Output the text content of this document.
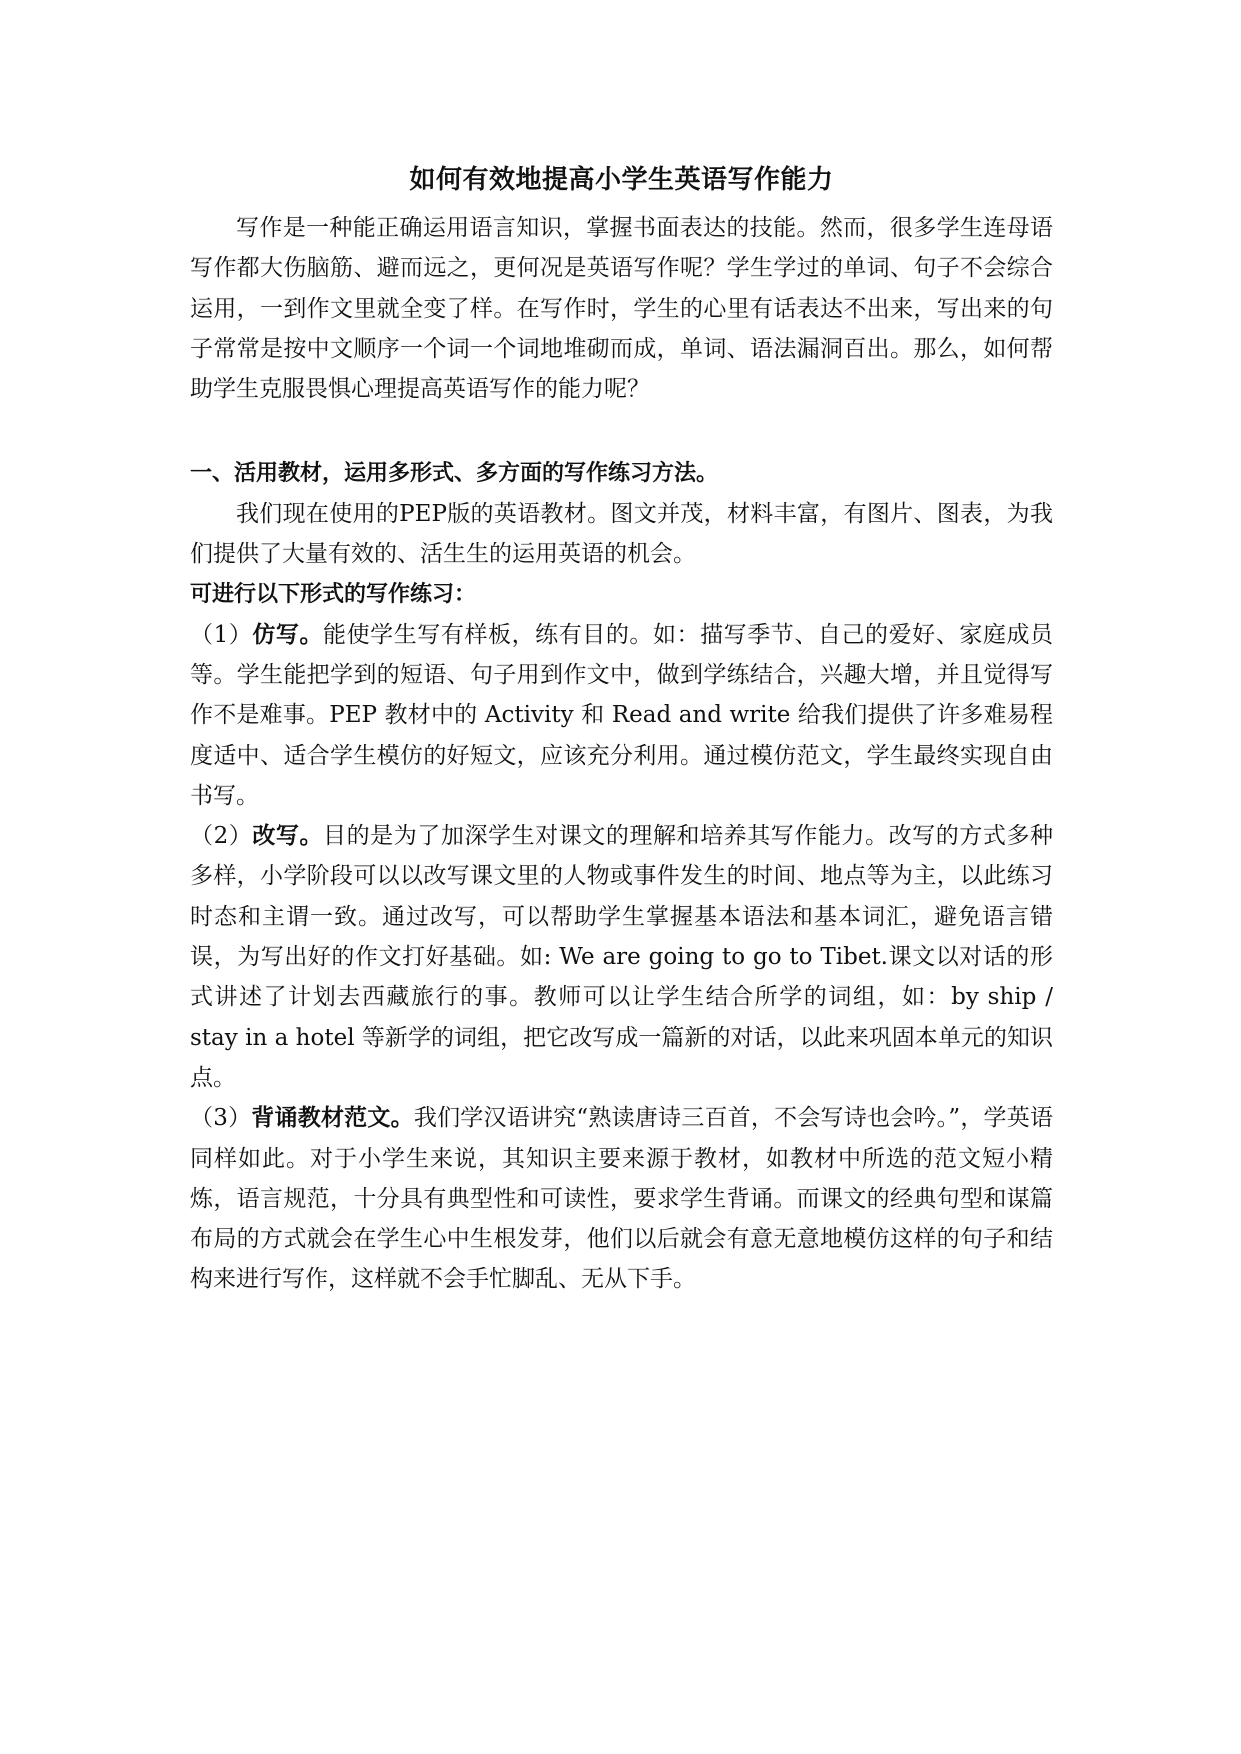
如何有效地提高小学生英语写作能力

写作是一种能正确运用语言知识，掌握书面表达的技能。然而，很多学生连母语写作都大伤脑筋、避而远之，更何况是英语写作呢？学生学过的单词、句子不会综合运用，一到作文里就全变了样。在写作时，学生的心里有话表达不出来，写出来的句子常常是按中文顺序一个词一个词地堆砌而成，单词、语法漏洞百出。那么，如何帮助学生克服畏惧心理提高英语写作的能力呢？

一、活用教材，运用多形式、多方面的写作练习方法。

我们现在使用的PEP版的英语教材。图文并茂，材料丰富，有图片、图表，为我们提供了大量有效的、活生生的运用英语的机会。

可进行以下形式的写作练习：

（1）仿写。能使学生写有样板，练有目的。如：描写季节、自己的爱好、家庭成员等。学生能把学到的短语、句子用到作文中，做到学练结合，兴趣大增，并且觉得写作不是难事。PEP 教材中的 Activity 和 Read and write 给我们提供了许多难易程度适中、适合学生模仿的好短文，应该充分利用。通过模仿范文，学生最终实现自由书写。

（2）改写。目的是为了加深学生对课文的理解和培养其写作能力。改写的方式多种多样，小学阶段可以以改写课文里的人物或事件发生的时间、地点等为主，以此练习时态和主谓一致。通过改写，可以帮助学生掌握基本语法和基本词汇，避免语言错误，为写出好的作文打好基础。如: We are going to go to Tibet.课文以对话的形式讲述了计划去西藏旅行的事。教师可以让学生结合所学的词组，如：by ship / stay in a hotel 等新学的词组，把它改写成一篇新的对话，以此来巩固本单元的知识点。

（3）背诵教材范文。我们学汉语讲究“熟读唐诗三百首，不会写诗也会吟。”，学英语同样如此。对于小学生来说，其知识主要来源于教材，如教材中所选的范文短小精炼，语言规范，十分具有典型性和可读性，要求学生背诵。而课文的经典句型和谋篇布局的方式就会在学生心中生根发芽，他们以后就会有意无意地模仿这样的句子和结构来进行写作，这样就不会手忙脚乱、无从下手。
